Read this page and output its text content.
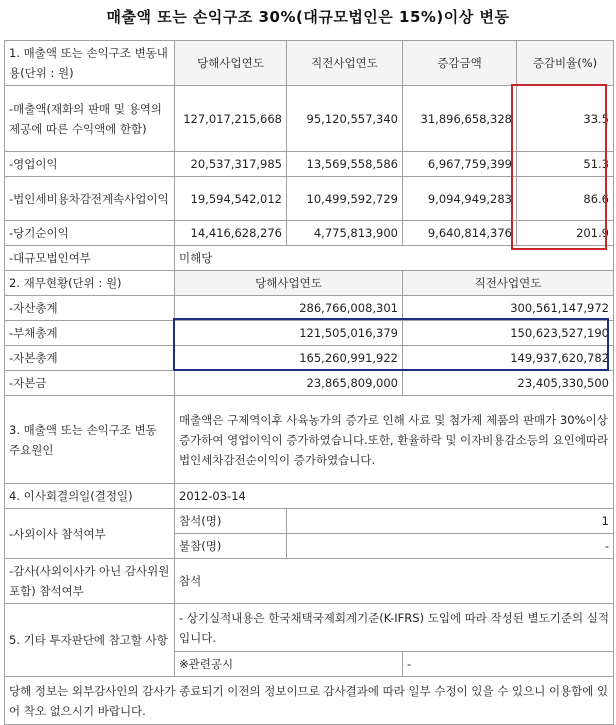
매출액 또는 손익구조 30%(대규모법인은 15%)이상 변동
1. 매출액 또는 손익구조 변동내용(단위 : 원)	당해사업연도	직전사업연도	증감금액	증감비율(%)
-매출액(재화의 판매 및 용역의 제공에 따른 수익액에 한함)	127,017,215,668	95,120,557,340	31,896,658,328	33.5
-영업이익	20,537,317,985	13,569,558,586	6,967,759,399	51.3
-법인세비용차감전계속사업이익	19,594,542,012	10,499,592,729	9,094,949,283	86.6
-당기순이익	14,416,628,276	4,775,813,900	9,640,814,376	201.9
-대규모법인여부	미해당			
2. 재무현황(단위 : 원)	당해사업연도		직전사업연도	
-자산총계	286,766,008,301		300,561,147,972	
-부채총계	121,505,016,379		150,623,527,190	
-자본총계	165,260,991,922		149,937,620,782	
-자본금	23,865,809,000		23,405,330,500	
3. 매출액 또는 손익구조 변동 주요원인	매출액은 구제역이후 사육농가의 증가로 인해 사료 및 첨가제 제품의 판매가 30%이상증가하여 영업이익이 증가하였습니다.또한, 환율하락 및 이자비용감소등의 요인에따라 법인세차감전순이익이 증가하였습니다.			
4. 이사회결의일(결정일)	2012-03-14			
-사외이사 참석여부	참석(명)	1		
	불참(명)	-		
-감사(사외이사가 아닌 감사위원 포함) 참석여부	참석			
5. 기타 투자판단에 참고할 사항	- 상기실적내용은 한국채택국제회계기준(K-IFRS) 도입에 따라 작성된 별도기준의 실적입니다.			
	※관련공시		-	
당해 정보는 외부감사인의 감사가 종료되기 이전의 정보이므로 감사결과에 따라 일부 수정이 있을 수 있으니 이용함에 있어 착오 없으시기 바랍니다.				
